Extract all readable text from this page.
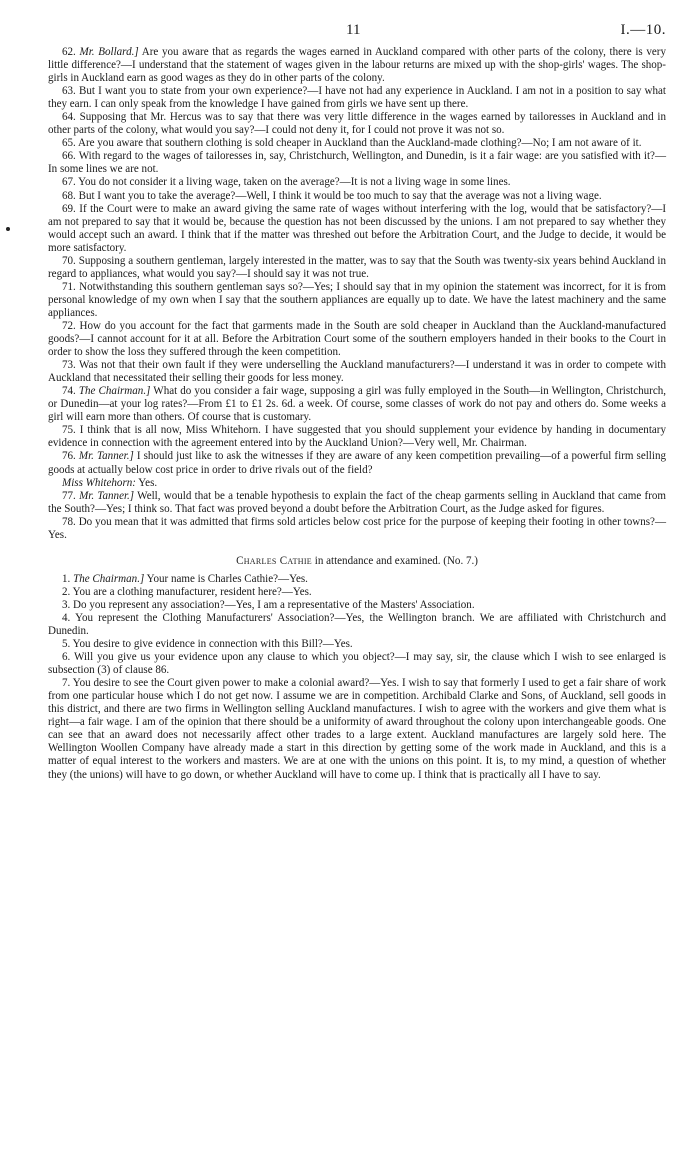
11	I.—10.

62. Mr. Bollard.] Are you aware that as regards the wages earned in Auckland compared with other parts of the colony, there is very little difference?—I understand that the statement of wages given in the labour returns are mixed up with the shop-girls' wages. The shop-girls in Auckland earn as good wages as they do in other parts of the colony.

63. But I want you to state from your own experience?—I have not had any experience in Auckland. I am not in a position to say what they earn. I can only speak from the knowledge I have gained from girls we have sent up there.

64. Supposing that Mr. Hercus was to say that there was very little difference in the wages earned by tailoresses in Auckland and in other parts of the colony, what would you say?—I could not deny it, for I could not prove it was not so.

65. Are you aware that southern clothing is sold cheaper in Auckland than the Auckland-made clothing?—No; I am not aware of it.

66. With regard to the wages of tailoresses in, say, Christchurch, Wellington, and Dunedin, is it a fair wage: are you satisfied with it?—In some lines we are not.

67. You do not consider it a living wage, taken on the average?—It is not a living wage in some lines.

68. But I want you to take the average?—Well, I think it would be too much to say that the average was not a living wage.

69. If the Court were to make an award giving the same rate of wages without interfering with the log, would that be satisfactory?—I am not prepared to say that it would be, because the question has not been discussed by the unions. I am not prepared to say whether they would accept such an award. I think that if the matter was threshed out before the Arbitration Court, and the Judge to decide, it would be more satisfactory.

70. Supposing a southern gentleman, largely interested in the matter, was to say that the South was twenty-six years behind Auckland in regard to appliances, what would you say?—I should say it was not true.

71. Notwithstanding this southern gentleman says so?—Yes; I should say that in my opinion the statement was incorrect, for it is from personal knowledge of my own when I say that the southern appliances are equally up to date. We have the latest machinery and the same appliances.

72. How do you account for the fact that garments made in the South are sold cheaper in Auckland than the Auckland-manufactured goods?—I cannot account for it at all. Before the Arbitration Court some of the southern employers handed in their books to the Court in order to show the loss they suffered through the keen competition.

73. Was not that their own fault if they were underselling the Auckland manufacturers?—I understand it was in order to compete with Auckland that necessitated their selling their goods for less money.

74. The Chairman.] What do you consider a fair wage, supposing a girl was fully employed in the South—in Wellington, Christchurch, or Dunedin—at your log rates?—From £1 to £1 2s. 6d. a week. Of course, some classes of work do not pay and others do. Some weeks a girl will earn more than others. Of course that is customary.

75. I think that is all now, Miss Whitehorn. I have suggested that you should supplement your evidence by handing in documentary evidence in connection with the agreement entered into by the Auckland Union?—Very well, Mr. Chairman.

76. Mr. Tanner.] I should just like to ask the witnesses if they are aware of any keen competition prevailing—of a powerful firm selling goods at actually below cost price in order to drive rivals out of the field?

Miss Whitehorn: Yes.

77. Mr. Tanner.] Well, would that be a tenable hypothesis to explain the fact of the cheap garments selling in Auckland that came from the South?—Yes; I think so. That fact was proved beyond a doubt before the Arbitration Court, as the Judge asked for figures.

78. Do you mean that it was admitted that firms sold articles below cost price for the purpose of keeping their footing in other towns?—Yes.

Charles Cathie in attendance and examined. (No. 7.)

1. The Chairman.] Your name is Charles Cathie?—Yes.

2. You are a clothing manufacturer, resident here?—Yes.

3. Do you represent any association?—Yes, I am a representative of the Masters' Association.

4. You represent the Clothing Manufacturers' Association?—Yes, the Wellington branch. We are affiliated with Christchurch and Dunedin.

5. You desire to give evidence in connection with this Bill?—Yes.

6. Will you give us your evidence upon any clause to which you object?—I may say, sir, the clause which I wish to see enlarged is subsection (3) of clause 86.

7. You desire to see the Court given power to make a colonial award?—Yes. I wish to say that formerly I used to get a fair share of work from one particular house which I do not get now. I assume we are in competition. Archibald Clarke and Sons, of Auckland, sell goods in this district, and there are two firms in Wellington selling Auckland manufactures. I wish to agree with the workers and give them what is right—a fair wage. I am of the opinion that there should be a uniformity of award throughout the colony upon interchangeable goods. One can see that an award does not necessarily affect other trades to a large extent. Auckland manufactures are largely sold here. The Wellington Woollen Company have already made a start in this direction by getting some of the work made in Auckland, and this is a matter of equal interest to the workers and masters. We are at one with the unions on this point. It is, to my mind, a question of whether they (the unions) will have to go down, or whether Auckland will have to come up. I think that is practically all I have to say.
